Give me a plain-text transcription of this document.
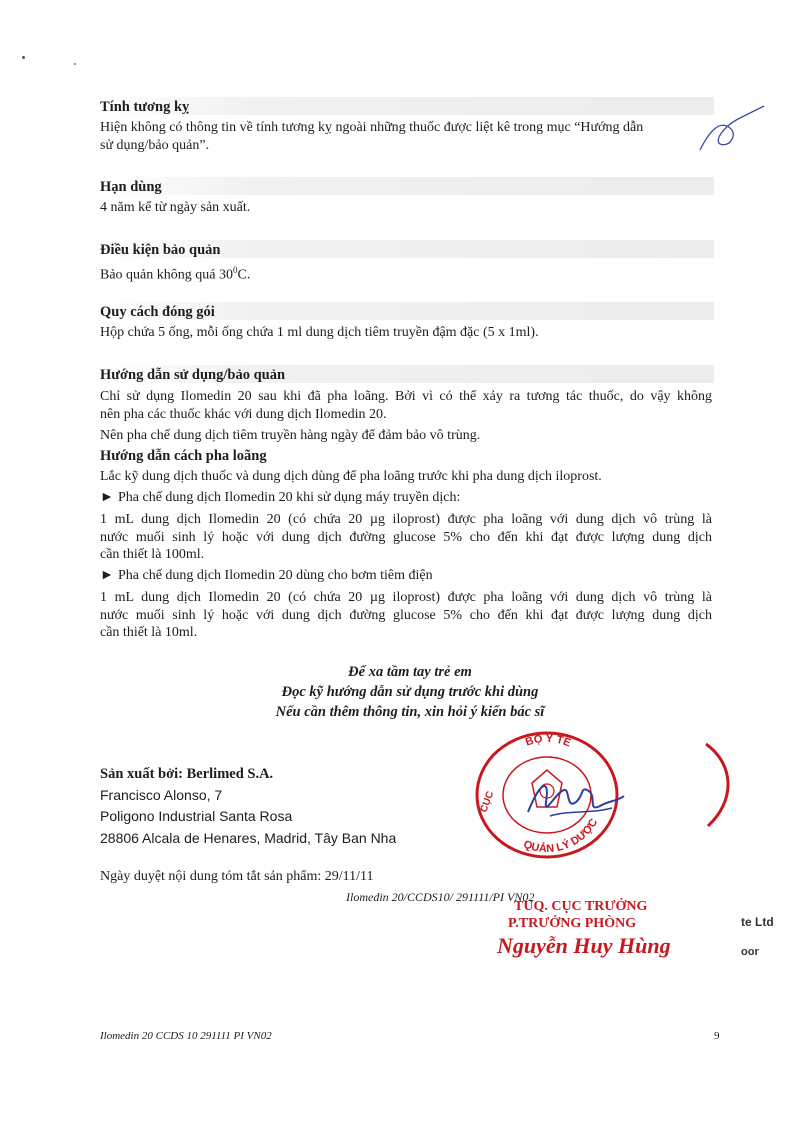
Tính tương kỵ
Hiện không có thông tin về tính tương kỵ ngoài những thuốc được liệt kê trong mục “Hướng dẫn
sử dụng/bảo quản”.
Hạn dùng
4 năm kể từ ngày sản xuất.
Điều kiện bảo quản
Bảo quản không quá $30^0C$.
Quy cách đóng gói
Hộp chứa 5 ống, mỗi ống chứa 1 ml dung dịch tiêm truyền đậm đặc (5 x 1ml).
Hướng dẫn sử dụng/bảo quản
Chỉ sử dụng Ilomedin 20 sau khi đã pha loãng. Bởi vì có thể xảy ra tương tác thuốc, do vậy không
nên pha các thuốc khác với dung dịch Ilomedin 20.
Nên pha chế dung dịch tiêm truyền hàng ngày để đảm bảo vô trùng.
Hướng dẫn cách pha loãng
Lắc kỹ dung dịch thuốc và dung dịch dùng để pha loãng trước khi pha dung dịch iloprost.
► Pha chế dung dịch Ilomedin 20 khi sử dụng máy truyền dịch:
1 mL dung dịch Ilomedin 20 (có chứa 20 µg iloprost) được pha loãng với dung dịch vô trùng là
nước muối sinh lý hoặc với dung dịch đường glucose 5% cho đến khi đạt được lượng dung dịch
cần thiết là 100ml.
► Pha chế dung dịch Ilomedin 20 dùng cho bơm tiêm điện
1 mL dung dịch Ilomedin 20 (có chứa 20 µg iloprost) được pha loãng với dung dịch vô trùng là
nước muối sinh lý hoặc với dung dịch đường glucose 5% cho đến khi đạt được lượng dung dịch
cần thiết là 10ml.
Để xa tầm tay trẻ em
Đọc kỹ hướng dẫn sử dụng trước khi dùng
Nếu cần thêm thông tin, xin hỏi ý kiến bác sĩ
Sản xuất bởi: Berlimed S.A.
Francisco Alonso, 7
Poligono Industrial Santa Rosa
28806 Alcala de Henares, Madrid, Tây Ban Nha
Ngày duyệt nội dung tóm tắt sản phẩm: 29/11/11
Ilomedin 20/CCDS10/ 291111/PI VN02
BỘ Y TẾ
CỤC
QUẢN LÝ DƯỢC
TUQ. CỤC TRƯỞNG
P.TRƯỞNG PHÒNG
Nguyễn Huy Hùng
te Ltd
oor
Ilomedin 20 CCDS 10 291111 PI VN02	9
